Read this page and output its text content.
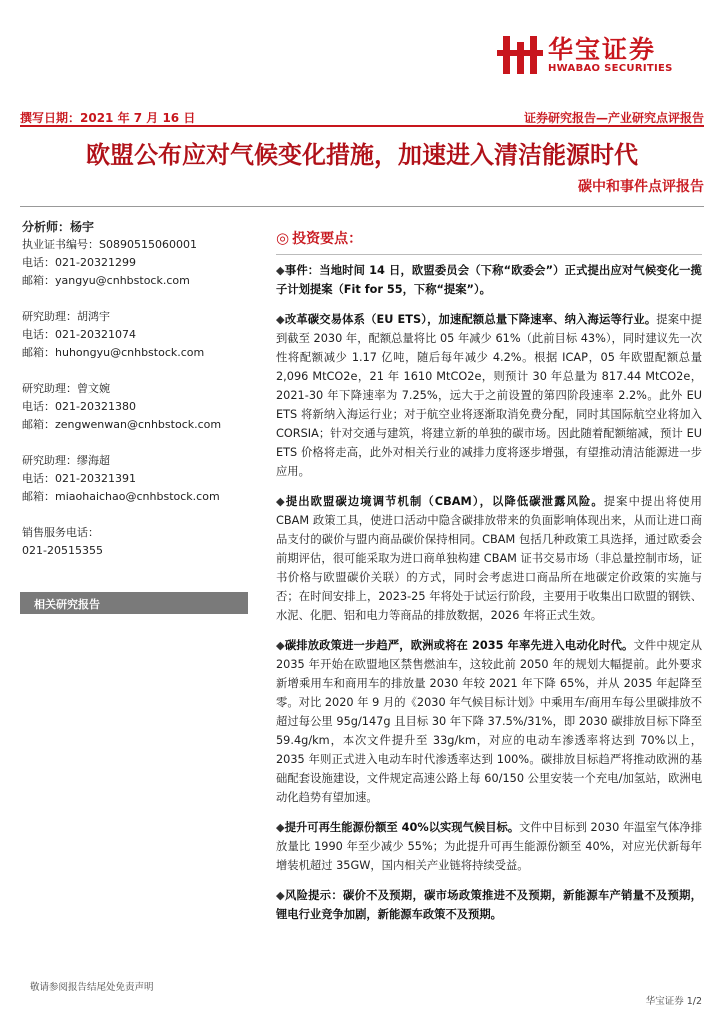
华宝证券
HWABAO SECURITIES
撰写日期：2021 年 7 月 16 日	证券研究报告—产业研究点评报告
欧盟公布应对气候变化措施，加速进入清洁能源时代
碳中和事件点评报告
分析师：杨宇
执业证书编号：S0890515060001
电话：021-20321299
邮箱：yangyu@cnhbstock.com
研究助理：胡鸿宇
电话：021-20321074
邮箱：huhongyu@cnhbstock.com
研究助理：曾文婉
电话：021-20321380
邮箱：zengwenwan@cnhbstock.com
研究助理：缪海超
电话：021-20321391
邮箱：miaohaichao@cnhbstock.com
销售服务电话：
021-20515355
相关研究报告
◎ 投资要点：

◆事件：当地时间 14 日，欧盟委员会（下称“欧委会”）正式提出应对气候变化一揽子计划提案（Fit for 55，下称“提案”）。

◆改革碳交易体系（EU ETS），加速配额总量下降速率、纳入海运等行业。提案中提到截至 2030 年，配额总量将比 05 年减少 61%（此前目标 43%），同时建议先一次性将配额减少 1.17 亿吨，随后每年减少 4.2%。根据 ICAP，05 年欧盟配额总量 2,096 MtCO2e，21 年 1610 MtCO2e，则预计 30 年总量为 817.44 MtCO2e，2021-30 年下降速率为 7.25%，远大于之前设置的第四阶段速率 2.2%。此外 EU ETS 将新纳入海运行业；对于航空业将逐渐取消免费分配，同时其国际航空业将加入 CORSIA；针对交通与建筑，将建立新的单独的碳市场。因此随着配额缩减，预计 EU ETS 价格将走高，此外对相关行业的减排力度将逐步增强，有望推动清洁能源进一步应用。

◆提出欧盟碳边境调节机制（CBAM），以降低碳泄露风险。提案中提出将使用 CBAM 政策工具，使进口活动中隐含碳排放带来的负面影响体现出来，从而让进口商品支付的碳价与盟内商品碳价保持相同。CBAM 包括几种政策工具选择，通过欧委会前期评估，很可能采取为进口商单独构建 CBAM 证书交易市场（非总量控制市场，证书价格与欧盟碳价关联）的方式，同时会考虑进口商品所在地碳定价政策的实施与否；在时间安排上，2023-25 年将处于试运行阶段，主要用于收集出口欧盟的钢铁、水泥、化肥、铝和电力等商品的排放数据，2026 年将正式生效。

◆碳排放政策进一步趋严，欧洲或将在 2035 年率先进入电动化时代。文件中规定从 2035 年开始在欧盟地区禁售燃油车，这较此前 2050 年的规划大幅提前。此外要求新增乘用车和商用车的排放量 2030 年较 2021 年下降 65%，并从 2035 年起降至零。对比 2020 年 9 月的《2030 年气候目标计划》中乘用车/商用车每公里碳排放不超过每公里 95g/147g 且目标 30 年下降 37.5%/31%，即 2030 碳排放目标下降至 59.4g/km，本次文件提升至 33g/km，对应的电动车渗透率将达到 70%以上，2035 年则正式进入电动车时代渗透率达到 100%。碳排放目标趋严将推动欧洲的基础配套设施建设，文件规定高速公路上每 60/150 公里安装一个充电/加氢站，欧洲电动化趋势有望加速。

◆提升可再生能源份额至 40%以实现气候目标。文件中目标到 2030 年温室气体净排放量比 1990 年至少减少 55%；为此提升可再生能源份额至 40%，对应光伏新每年增装机超过 35GW，国内相关产业链将持续受益。

◆风险提示：碳价不及预期，碳市场政策推进不及预期，新能源车产销量不及预期，锂电行业竞争加剧，新能源车政策不及预期。

敬请参阅报告结尾处免责声明
华宝证券 1/2
